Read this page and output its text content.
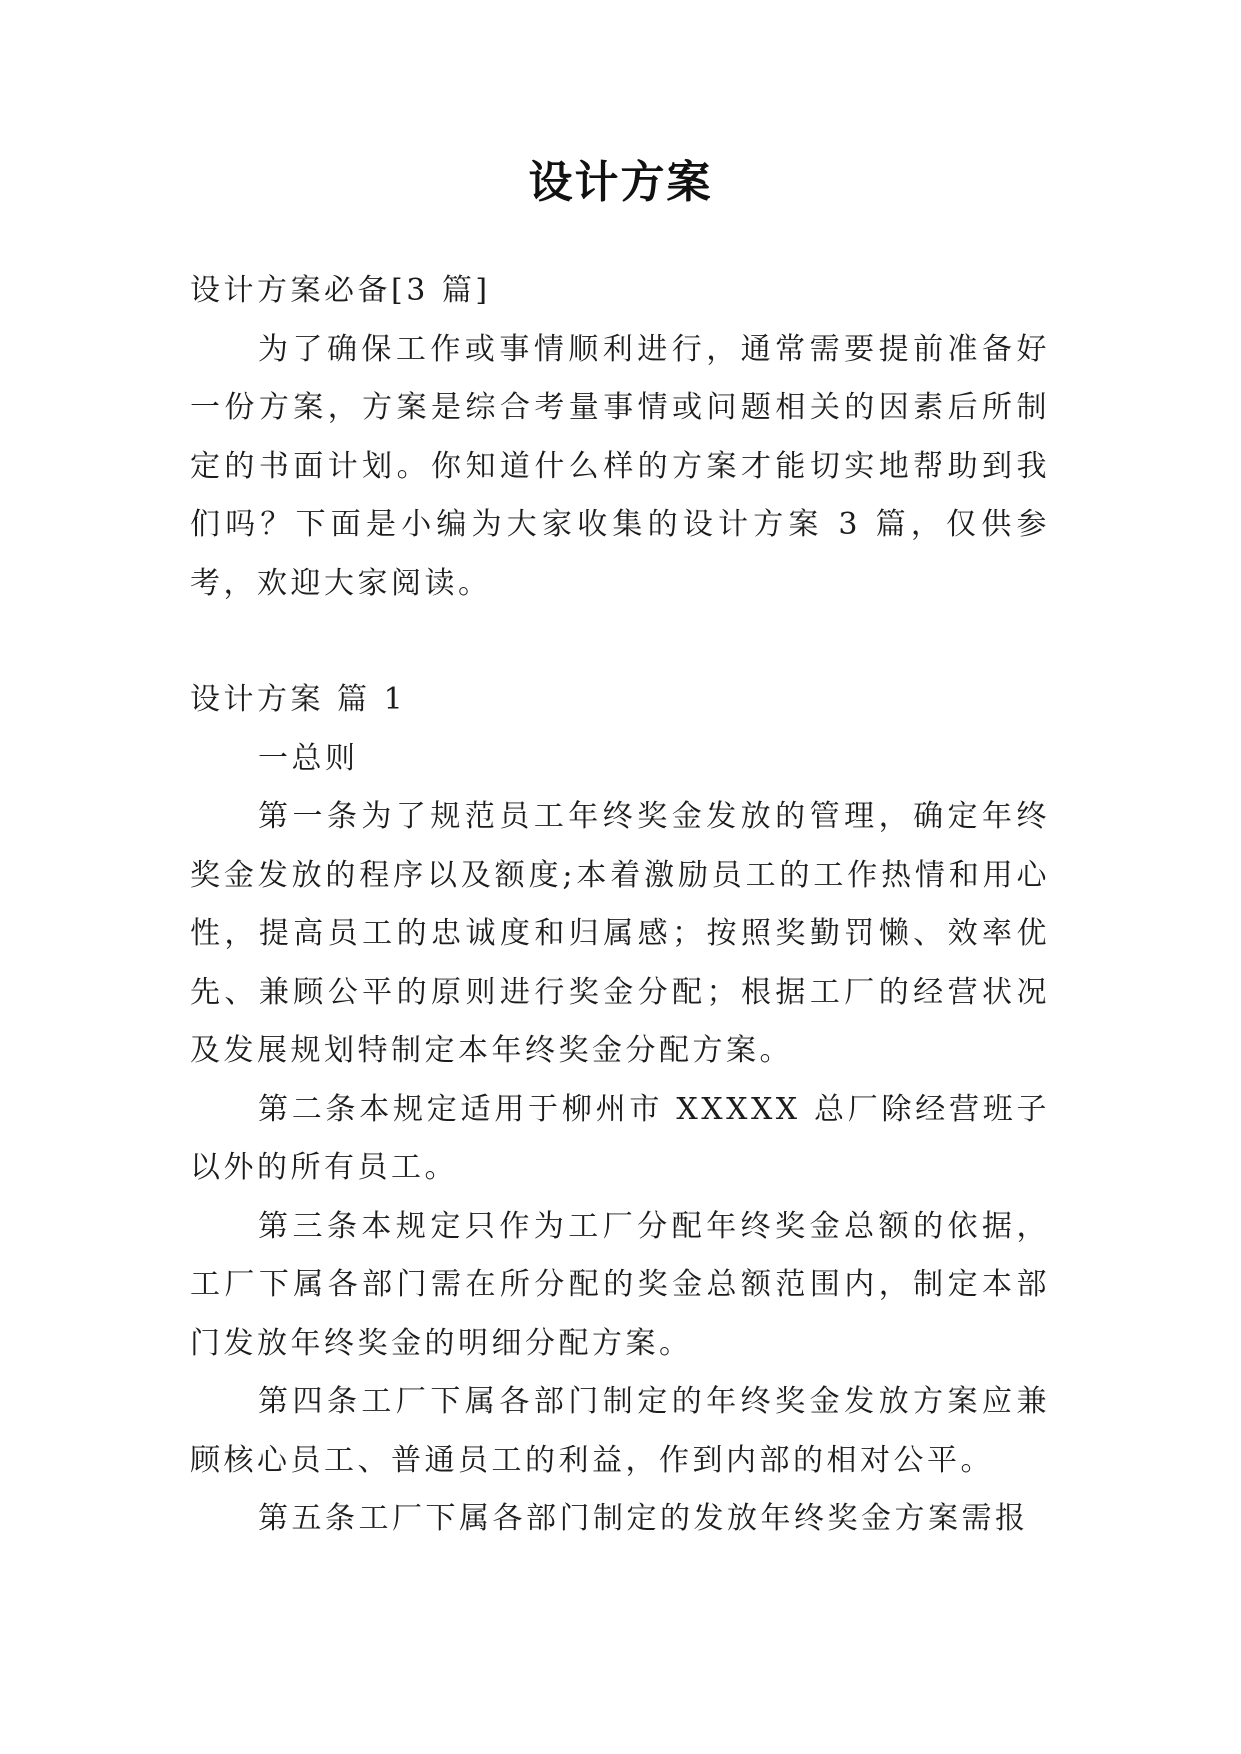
设计方案

设计方案必备[3 篇]

为了确保工作或事情顺利进行，通常需要提前准备好一份方案，方案是综合考量事情或问题相关的因素后所制定的书面计划。你知道什么样的方案才能切实地帮助到我们吗？下面是小编为大家收集的设计方案 3 篇，仅供参考，欢迎大家阅读。

设计方案 篇 1

一总则

第一条为了规范员工年终奖金发放的管理，确定年终奖金发放的程序以及额度;本着激励员工的工作热情和用心性，提高员工的忠诚度和归属感；按照奖勤罚懒、效率优先、兼顾公平的原则进行奖金分配；根据工厂的经营状况及发展规划特制定本年终奖金分配方案。

第二条本规定适用于柳州市 XXXXX 总厂除经营班子以外的所有员工。

第三条本规定只作为工厂分配年终奖金总额的依据，工厂下属各部门需在所分配的奖金总额范围内，制定本部门发放年终奖金的明细分配方案。

第四条工厂下属各部门制定的年终奖金发放方案应兼顾核心员工、普通员工的利益，作到内部的相对公平。

第五条工厂下属各部门制定的发放年终奖金方案需报
